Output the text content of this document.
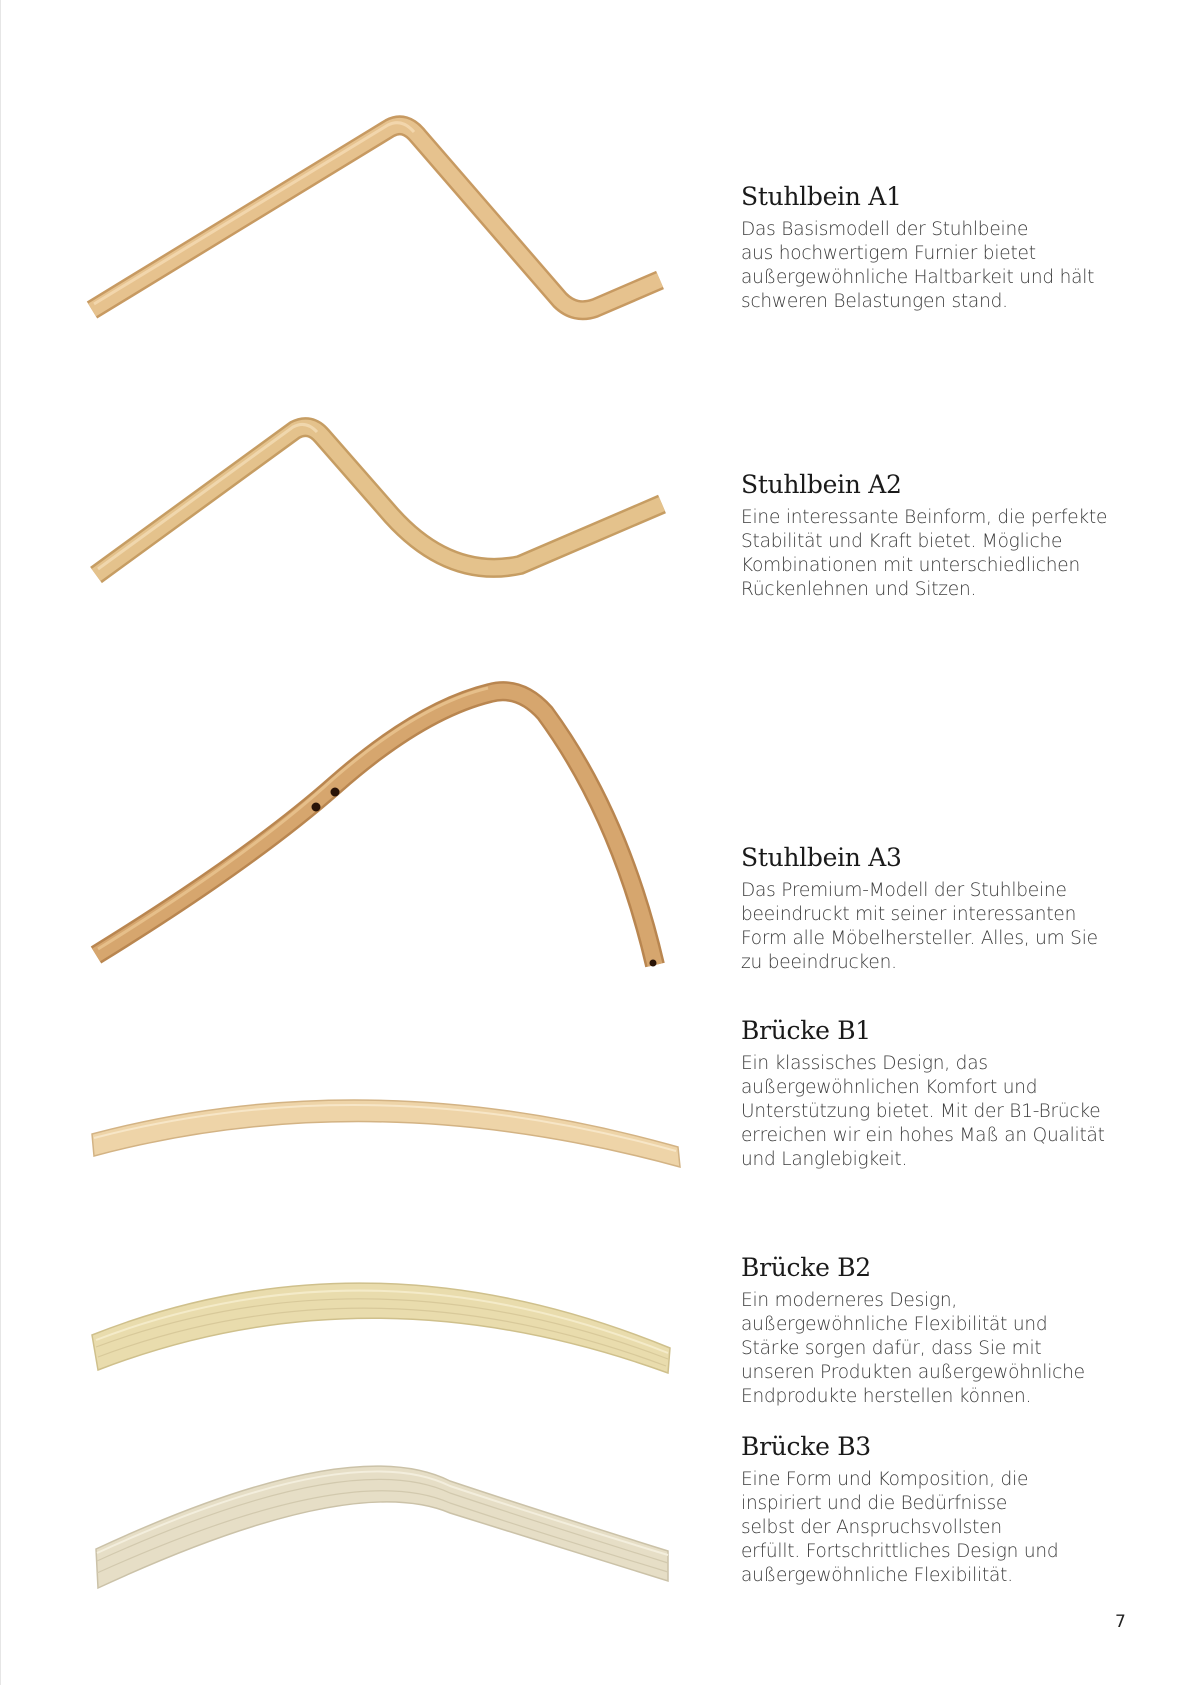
Stuhlbein A1

Das Basismodell der Stuhlbeine
aus hochwertigem Furnier bietet
außergewöhnliche Haltbarkeit und hält
schweren Belastungen stand.

Stuhlbein A2

Eine interessante Beinform, die perfekte
Stabilität und Kraft bietet. Mögliche
Kombinationen mit unterschiedlichen
Rückenlehnen und Sitzen.

Stuhlbein A3

Das Premium-Modell der Stuhlbeine
beeindruckt mit seiner interessanten
Form alle Möbelhersteller. Alles, um Sie
zu beeindrucken.

Brücke B1

Ein klassisches Design, das
außergewöhnlichen Komfort und
Unterstützung bietet. Mit der B1-Brücke
erreichen wir ein hohes Maß an Qualität
und Langlebigkeit.

Brücke B2

Ein moderneres Design,
außergewöhnliche Flexibilität und
Stärke sorgen dafür, dass Sie mit
unseren Produkten außergewöhnliche
Endprodukte herstellen können.

Brücke B3

Eine Form und Komposition, die
inspiriert und die Bedürfnisse
selbst der Anspruchsvollsten
erfüllt. Fortschrittliches Design und
außergewöhnliche Flexibilität.

7
